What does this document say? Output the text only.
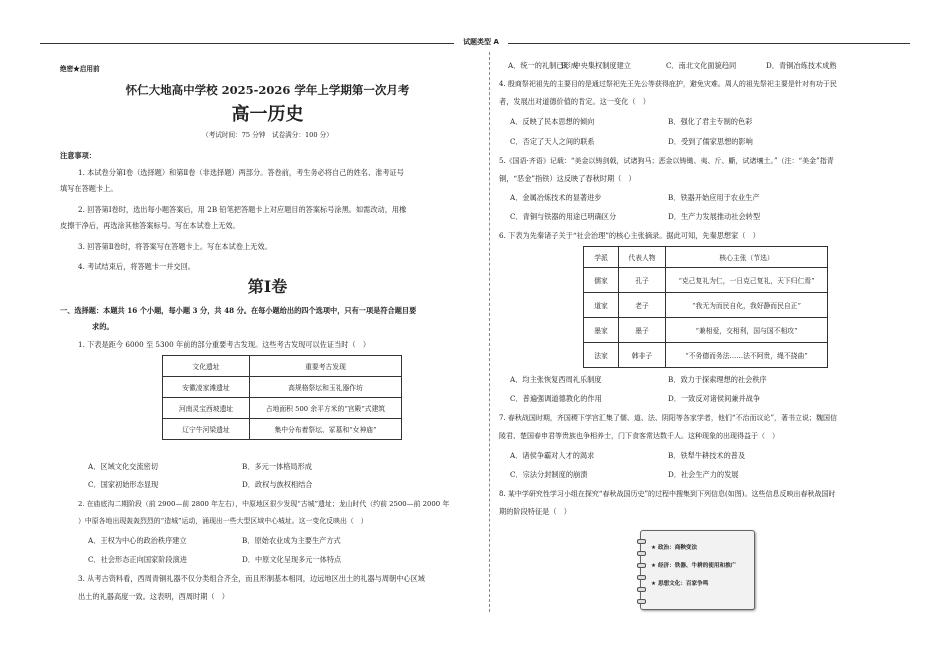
试题类型 A
绝密★启用前
怀仁大地高中学校 2025-2026 学年上学期第一次月考
高一历史
（考试时间：75 分钟　试卷满分：100 分）
注意事项：
1. 本试卷分第Ⅰ卷（选择题）和第Ⅱ卷（非选择题）两部分。答卷前，考生务必将自己的姓名、准考证号
填写在答题卡上。
2. 回答第Ⅰ卷时，选出每小题答案后，用 2B 铅笔把答题卡上对应题目的答案标号涂黑。如需改动，用橡
皮擦干净后，再选涂其他答案标号。写在本试卷上无效。
3. 回答第Ⅱ卷时，将答案写在答题卡上。写在本试卷上无效。
4. 考试结束后，将答题卡一并交回。
第Ⅰ卷
一、选择题：本题共 16 个小题，每小题 3 分，共 48 分。在每小题给出的四个选项中，只有一项是符合题目要
求的。
1. 下表是距今 6000 至 5300 年前的部分重要考古发现。这些考古发现可以佐证当时（　）
文化遗址	重要考古发现
安徽凌家滩遗址	高规格祭坛和玉礼器作坊
河南灵宝西坡遗址	占地面积 500 余平方米的“宫殿”式建筑
辽宁牛河梁遗址	集中分布着祭坛、冢墓和“女神庙”
A．区域文化交流密切	B．多元一体格局形成
C．国家初始形态显现	D．政权与族权相结合
2. 在庙底沟二期阶段（前 2900—前 2800 年左右），中原地区很少发现“古城”遗址；龙山时代（约前 2500—前 2000 年
）中原各地出现轰轰烈烈的“造城”运动，涌现出一些大型区域中心城址。这一变化反映出（　）
A．王权为中心的政治秩序建立	B．原始农业成为主要生产方式
C．社会形态正向国家阶段演进	D．中原文化呈现多元一体特点
3. 从考古资料看，西周青铜礼器不仅分类组合齐全，而且形制基本相同，边远地区出土的礼器与周朝中心区域
出土的礼器高度一致。这表明，西周时期（　）
A．统一的礼制已形成
B．中央集权制度建立	C．南北文化面貌趋同	D．青铜冶炼技术成熟
4. 殷商祭祀祖先的主要目的是通过祭祀先王先公等获得庇护，避免灾难。周人的祖先祭祀主要是针对有功于民
者，发展出对道德价值的肯定。这一变化（　）
A．反映了民本思想的倾向	B．强化了君主专制的色彩
C．否定了天人之间的联系	D．受到了儒家思想的影响
5.《国语·齐语》记载：“美金以铸剑戟，试诸狗马；恶金以铸锄、夷、斤、斸，试诸壤土。”（注：“美金”指青
铜，“恶金”指铁）这反映了春秋时期（　）
A．金属冶炼技术的显著进步	B．铁器开始应用于农业生产
C．青铜与铁器的用途已明确区分	D．生产力发展推动社会转型
6. 下表为先秦诸子关于“社会治理”的核心主张摘录。据此可知，先秦思想家（　）
学派	代表人物	核心主张（节选）
儒家	孔子	“克己复礼为仁，一日克己复礼，天下归仁焉”
道家	老子	“我无为而民自化，我好静而民自正”
墨家	墨子	“兼相爱，交相利，国与国不相攻”
法家	韩非子	“不务德而务法……法不阿贵，绳不挠曲”
A．均主张恢复西周礼乐制度	B．致力于探索理想的社会秩序
C．普遍强调道德教化的作用	D．一致反对诸侯间兼并战争
7. 春秋战国时期，齐国稷下学宫汇集了儒、道、法、阴阳等各家学者，他们“不治而议论”，著书立说；魏国信
陵君、楚国春申君等贵族也争相养士，门下食客常达数千人。这种现象的出现得益于（　）
A．诸侯争霸对人才的渴求	B．铁犁牛耕技术的普及
C．宗法分封制度的崩溃	D．社会生产力的发展
8. 某中学研究性学习小组在探究“春秋战国历史”的过程中搜集到下列信息(如图)。这些信息反映出春秋战国时
期的阶段特征是（　）
★ 政治：商鞅变法
★ 经济：铁器、牛耕的使用和推广
★ 思想文化：百家争鸣
